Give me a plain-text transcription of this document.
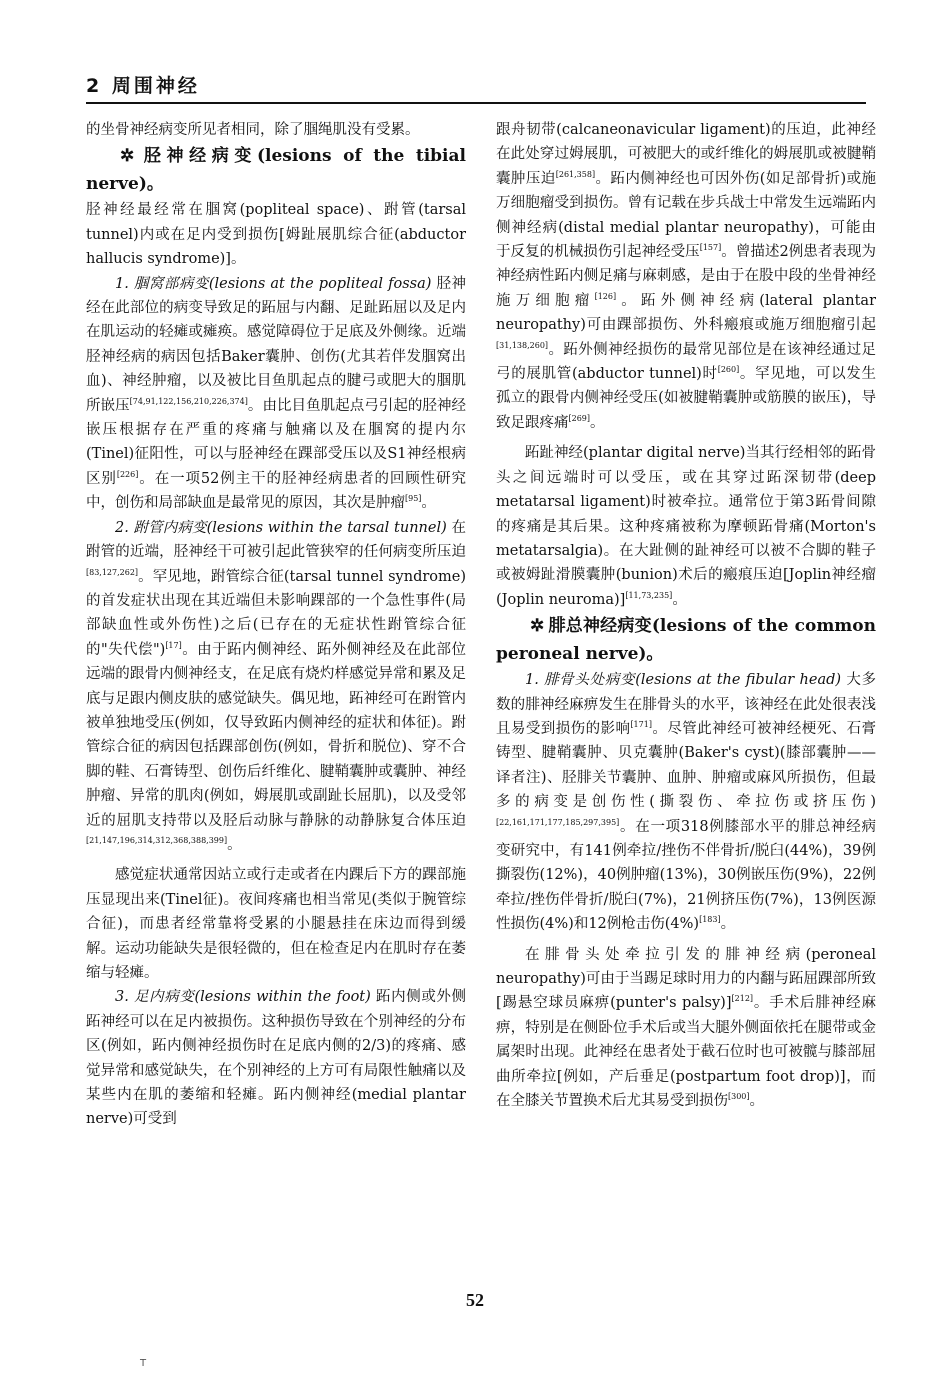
2 周围神经

的坐骨神经病变所见者相同，除了腘绳肌没有受累。

✲ 胫神经病变(lesions of the tibial nerve)。

胫神经最经常在腘窝(popliteal space)、跗管(tarsal tunnel)内或在足内受到损伤[姆趾展肌综合征(abductor hallucis syndrome)]。

1. 腘窝部病变(lesions at the popliteal fossa) 胫神经在此部位的病变导致足的跖屈与内翻、足趾跖屈以及足内在肌运动的轻瘫或瘫痪。感觉障碍位于足底及外侧缘。近端胫神经病的病因包括Baker囊肿、创伤(尤其若伴发腘窝出血)、神经肿瘤，以及被比目鱼肌起点的腱弓或肥大的腘肌所嵌压[74,91,122,156,210,226,374]。由比目鱼肌起点弓引起的胫神经嵌压根据存在严重的疼痛与触痛以及在腘窝的提内尔(Tinel)征阳性，可以与胫神经在踝部受压以及S1神经根病区别[226]。在一项52例主干的胫神经病患者的回顾性研究中，创伤和局部缺血是最常见的原因，其次是肿瘤[95]。

2. 跗管内病变(lesions within the tarsal tunnel) 在跗管的近端，胫神经干可被引起此管狭窄的任何病变所压迫[83,127,262]。罕见地，跗管综合征(tarsal tunnel syndrome)的首发症状出现在其近端但未影响踝部的一个急性事件(局部缺血性或外伤性)之后(已存在的无症状性跗管综合征的"失代偿")[17]。由于跖内侧神经、跖外侧神经及在此部位远端的跟骨内侧神经支，在足底有烧灼样感觉异常和累及足底与足跟内侧皮肤的感觉缺失。偶见地，跖神经可在跗管内被单独地受压(例如，仅导致跖内侧神经的症状和体征)。跗管综合征的病因包括踝部创伤(例如，骨折和脱位)、穿不合脚的鞋、石膏铸型、创伤后纤维化、腱鞘囊肿或囊肿、神经肿瘤、异常的肌肉(例如，姆展肌或副趾长屈肌)，以及受邻近的屈肌支持带以及胫后动脉与静脉的动静脉复合体压迫[21,147,196,314,312,368,388,399]。

感觉症状通常因站立或行走或者在内踝后下方的踝部施压显现出来(Tinel征)。夜间疼痛也相当常见(类似于腕管综合征)，而患者经常靠将受累的小腿悬挂在床边而得到缓解。运动功能缺失是很轻微的，但在检查足内在肌时存在萎缩与轻瘫。

3. 足内病变(lesions within the foot) 跖内侧或外侧跖神经可以在足内被损伤。这种损伤导致在个别神经的分布区(例如，跖内侧神经损伤时在足底内侧的2/3)的疼痛、感觉异常和感觉缺失，在个别神经的上方可有局限性触痛以及某些内在肌的萎缩和轻瘫。跖内侧神经(medial plantar nerve)可受到

跟舟韧带(calcaneonavicular ligament)的压迫，此神经在此处穿过姆展肌，可被肥大的或纤维化的姆展肌或被腱鞘囊肿压迫[261,358]。跖内侧神经也可因外伤(如足部骨折)或施万细胞瘤受到损伤。曾有记载在步兵战士中常发生远端跖内侧神经病(distal medial plantar neuropathy)，可能由于反复的机械损伤引起神经受压[157]。曾描述2例患者表现为神经病性跖内侧足痛与麻刺感，是由于在股中段的坐骨神经施万细胞瘤[126]。跖外侧神经病(lateral plantar neuropathy)可由踝部损伤、外科瘢痕或施万细胞瘤引起[31,138,260]。跖外侧神经损伤的最常见部位是在该神经通过足弓的展肌管(abductor tunnel)时[260]。罕见地，可以发生孤立的跟骨内侧神经受压(如被腱鞘囊肿或筋膜的嵌压)，导致足跟疼痛[269]。

跖趾神经(plantar digital nerve)当其行经相邻的跖骨头之间远端时可以受压，或在其穿过跖深韧带(deep metatarsal ligament)时被牵拉。通常位于第3跖骨间隙的疼痛是其后果。这种疼痛被称为摩顿跖骨痛(Morton's metatarsalgia)。在大趾侧的趾神经可以被不合脚的鞋子或被姆趾滑膜囊肿(bunion)术后的瘢痕压迫[Joplin神经瘤(Joplin neuroma)][11,73,235]。

✲ 腓总神经病变(lesions of the common peroneal nerve)。

1. 腓骨头处病变(lesions at the fibular head) 大多数的腓神经麻痹发生在腓骨头的水平，该神经在此处很表浅且易受到损伤的影响[171]。尽管此神经可被神经梗死、石膏铸型、腱鞘囊肿、贝克囊肿(Baker's cyst)(膝部囊肿——译者注)、胫腓关节囊肿、血肿、肿瘤或麻风所损伤，但最多的病变是创伤性(撕裂伤、牵拉伤或挤压伤)[22,161,171,177,185,297,395]。在一项318例膝部水平的腓总神经病变研究中，有141例牵拉/挫伤不伴骨折/脱臼(44%)，39例撕裂伤(12%)，40例肿瘤(13%)，30例嵌压伤(9%)，22例牵拉/挫伤伴骨折/脱臼(7%)，21例挤压伤(7%)，13例医源性损伤(4%)和12例枪击伤(4%)[183]。

在腓骨头处牵拉引发的腓神经病(peroneal neuropathy)可由于当踢足球时用力的内翻与跖屈踝部所致[踢悬空球员麻痹(punter's palsy)][212]。手术后腓神经麻痹，特别是在侧卧位手术后或当大腿外侧面依托在腿带或金属架时出现。此神经在患者处于截石位时也可被髋与膝部屈曲所牵拉[例如，产后垂足(postpartum foot drop)]，而在全膝关节置换术后尤其易受到损伤[300]。

52
T
